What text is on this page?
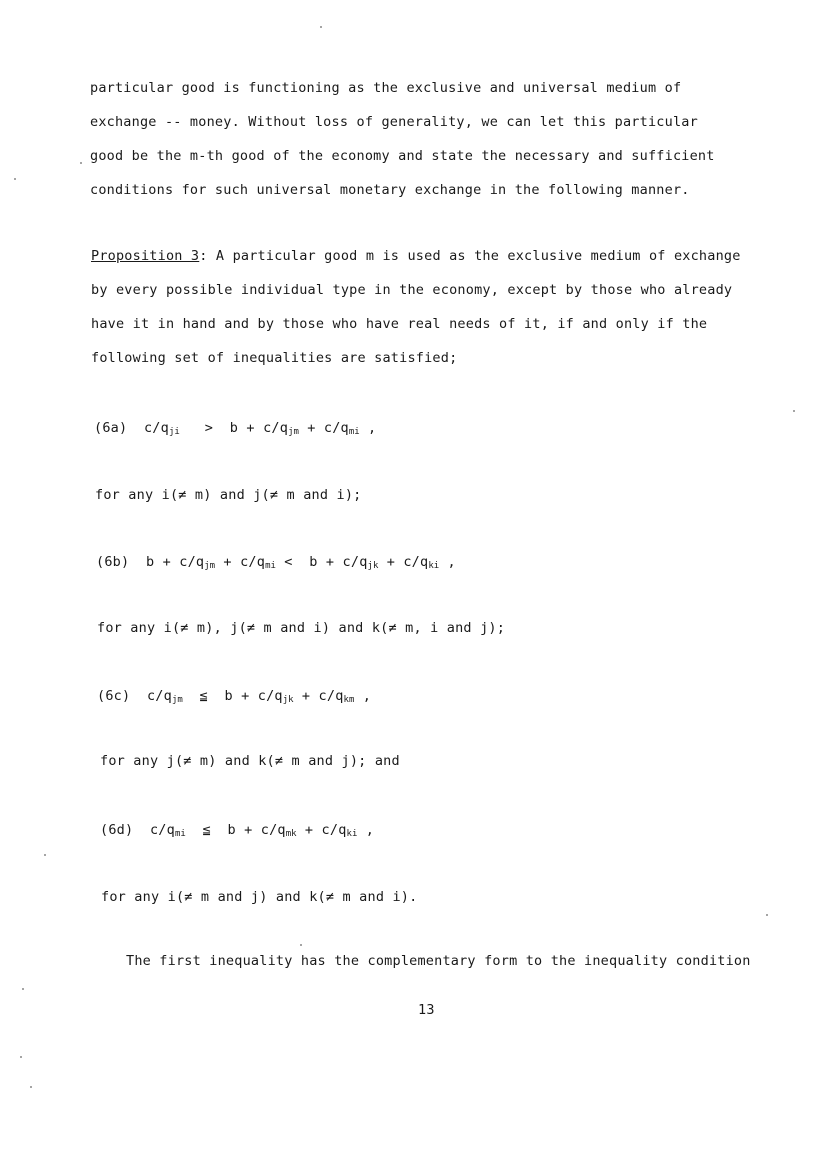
particular good is functioning as the exclusive and universal medium of
exchange -- money. Without loss of generality, we can let this particular
good be the m-th good of the economy and state the necessary and sufficient
conditions for such universal monetary exchange in the following manner.
Proposition 3: A particular good m is used as the exclusive medium of exchange
by every possible individual type in the economy, except by those who already
have it in hand and by those who have real needs of it, if and only if the
following set of inequalities are satisfied;
(6a) $c/q_{ji} > b + c/q_{jm} + c/q_{mi}$ ,
for any i(≠ m) and j(≠ m and i);
(6b) $b + c/q_{jm} + c/q_{mi} < b + c/q_{jk} + c/q_{ki}$ ,
for any i(≠ m), j(≠ m and i) and k(≠ m, i and j);
(6c) $c/q_{jm}$ ≦ $b + c/q_{jk} + c/q_{km}$ ,
for any j(≠ m) and k(≠ m and j); and
(6d) $c/q_{mi}$ ≦ $b + c/q_{mk} + c/q_{ki}$ ,
for any i(≠ m and j) and k(≠ m and i).
The first inequality has the complementary form to the inequality condition
13
